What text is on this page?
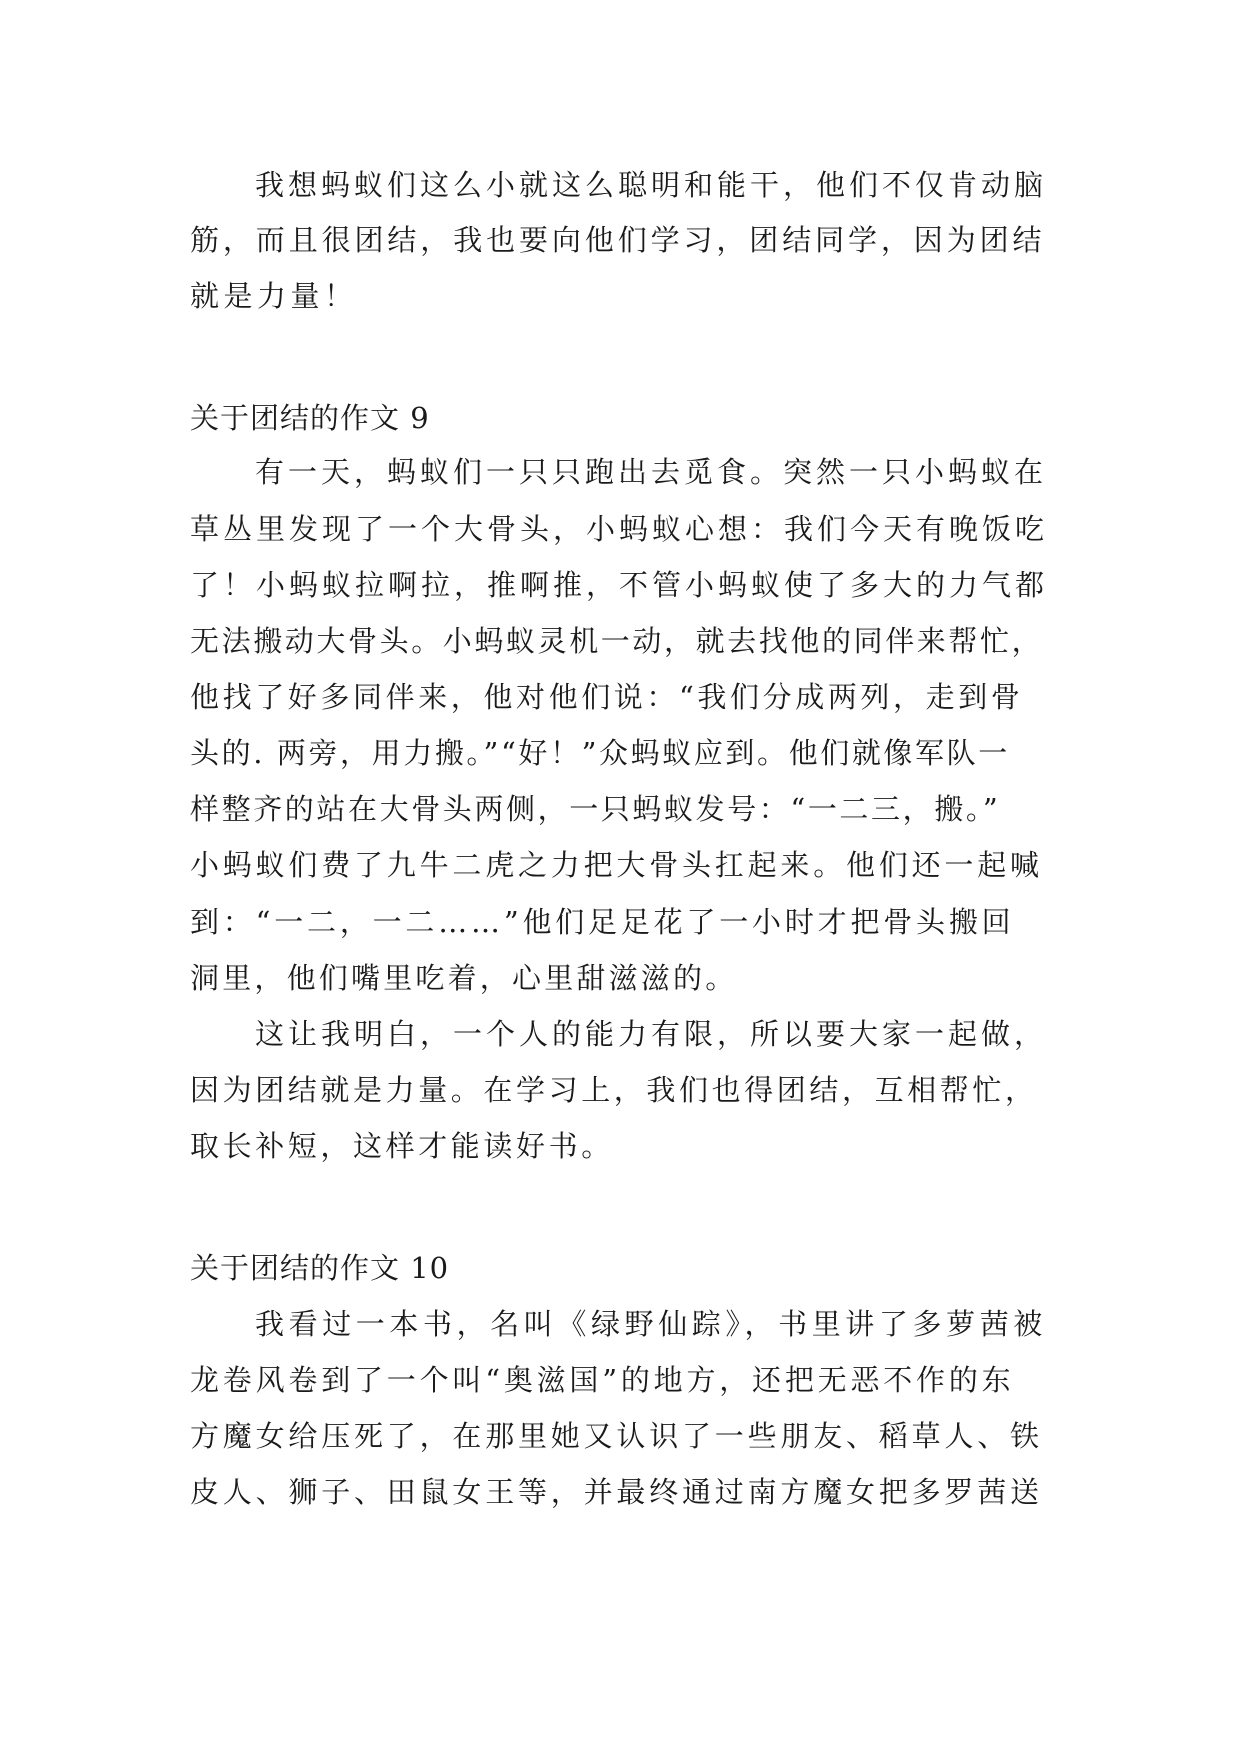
我想蚂蚁们这么小就这么聪明和能干，他们不仅肯动脑

筋，而且很团结，我也要向他们学习，团结同学，因为团结

就是力量！

关于团结的作文 9

有一天，蚂蚁们一只只跑出去觅食。突然一只小蚂蚁在

草丛里发现了一个大骨头，小蚂蚁心想：我们今天有晚饭吃

了！小蚂蚁拉啊拉，推啊推，不管小蚂蚁使了多大的力气都

无法搬动大骨头。小蚂蚁灵机一动，就去找他的同伴来帮忙，

他找了好多同伴来，他对他们说：“我们分成两列，走到骨

头的. 两旁，用力搬。”“好！”众蚂蚁应到。他们就像军队一

样整齐的站在大骨头两侧，一只蚂蚁发号：“一二三，搬。”

小蚂蚁们费了九牛二虎之力把大骨头扛起来。他们还一起喊

到：“一二，一二……”他们足足花了一小时才把骨头搬回

洞里，他们嘴里吃着，心里甜滋滋的。

这让我明白，一个人的能力有限，所以要大家一起做，

因为团结就是力量。在学习上，我们也得团结，互相帮忙，

取长补短，这样才能读好书。

关于团结的作文 10

我看过一本书，名叫《绿野仙踪》，书里讲了多萝茜被

龙卷风卷到了一个叫“奥滋国”的地方，还把无恶不作的东

方魔女给压死了，在那里她又认识了一些朋友、稻草人、铁

皮人、狮子、田鼠女王等，并最终通过南方魔女把多罗茜送
